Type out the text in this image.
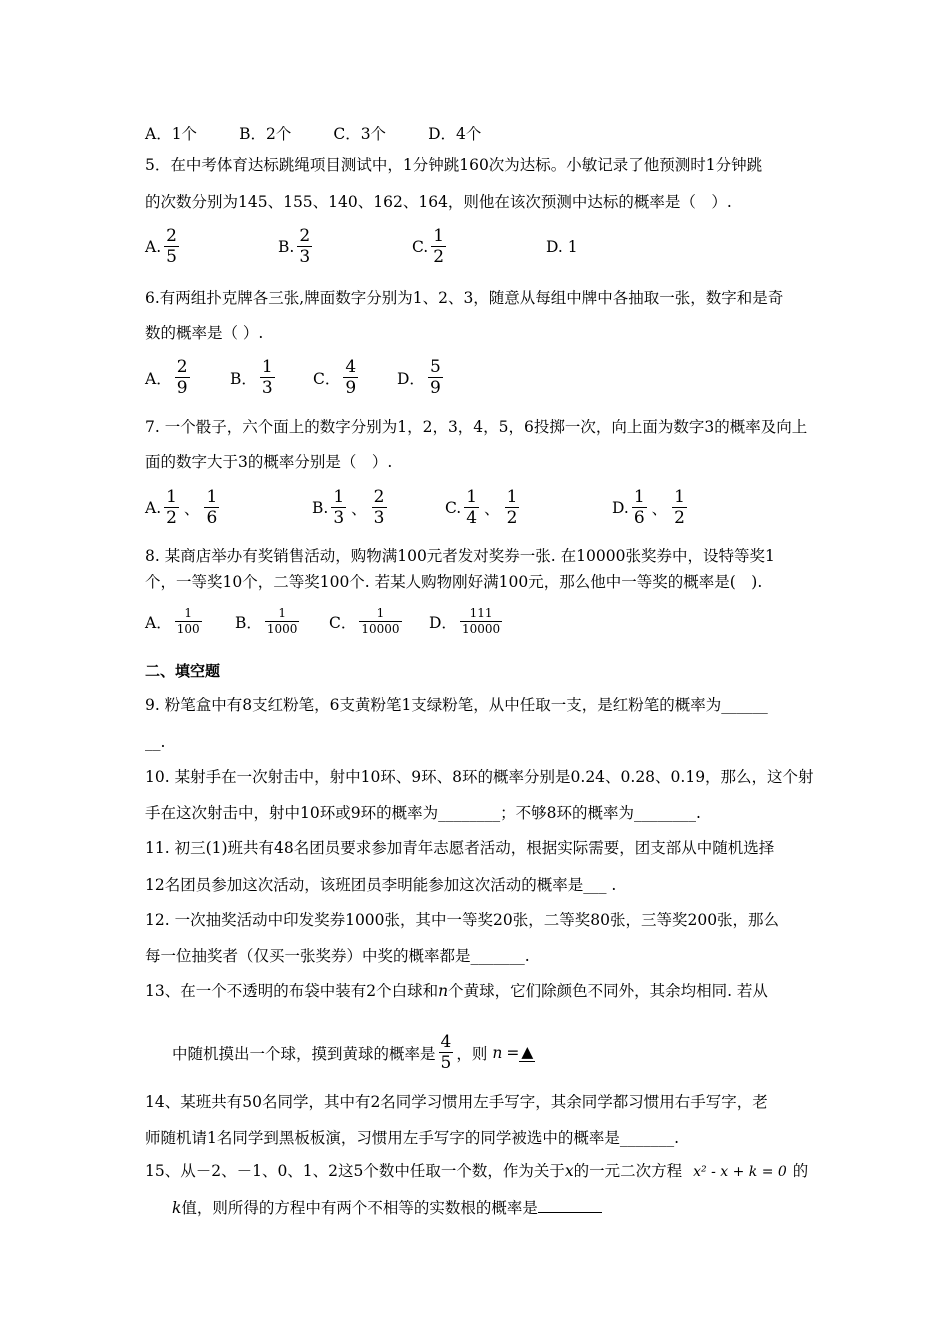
A．1个	B．2个	C．3个	D．4个
5．在中考体育达标跳绳项目测试中，1分钟跳160次为达标。小敏记录了他预测时1分钟跳
的次数分别为145、155、140、162、164，则他在该次预测中达标的概率是（　）.
A. $\frac{2}{5}$	B. $\frac{2}{3}$	C. $\frac{1}{2}$	D. 1
6.有两组扑克牌各三张,牌面数字分别为1、2、3，随意从每组中牌中各抽取一张，数字和是奇
数的概率是（ ）.
A． $\frac{2}{9}$	B． $\frac{1}{3}$ C． $\frac{4}{9}$	D． $\frac{5}{9}$
7. 一个骰子，六个面上的数字分别为1，2，3，4，5，6投掷一次，向上面为数字3的概率及向上
面的数字大于3的概率分别是（　）.
A. $\frac{1}{2}$ 、 $\frac{1}{6}$	B. $\frac{1}{3}$ 、 $\frac{2}{3}$	C. $\frac{1}{4}$ 、 $\frac{1}{2}$	D. $\frac{1}{6}$ 、 $\frac{1}{2}$
8. 某商店举办有奖销售活动，购物满100元者发对奖券一张. 在10000张奖券中，设特等奖1
个，一等奖10个，二等奖100个. 若某人购物刚好满100元，那么他中一等奖的概率是(　).
A． $\frac{1}{100}$ B． $\frac{1}{1000}$ C． $\frac{1}{10000}$ D． $\frac{111}{10000}$
二、填空题
9. 粉笔盒中有8支红粉笔，6支黄粉笔1支绿粉笔，从中任取一支，是红粉笔的概率为______
__.
10. 某射手在一次射击中，射中10环、9环、8环的概率分别是0.24、0.28、0.19，那么，这个射
手在这次射击中，射中10环或9环的概率为________；不够8环的概率为________.
11. 初三(1)班共有48名团员要求参加青年志愿者活动，根据实际需要，团支部从中随机选择
12名团员参加这次活动，该班团员李明能参加这次活动的概率是___ .
12. 一次抽奖活动中印发奖券1000张，其中一等奖20张，二等奖80张，三等奖200张，那么
每一位抽奖者（仅买一张奖券）中奖的概率都是_______.
13、在一个不透明的布袋中装有2个白球和n个黄球，它们除颜色不同外，其余均相同. 若从
中随机摸出一个球，摸到黄球的概率是 $\frac{4}{5}$ ，则 n = ▲
14、某班共有50名同学，其中有2名同学习惯用左手写字，其余同学都习惯用右手写字，老
师随机请1名同学到黑板板演，习惯用左手写字的同学被选中的概率是_______.
15、从－2、－1、0、1、2这5个数中任取一个数，作为关于x的一元二次方程 x² - x + k = 0 的
k值，则所得的方程中有两个不相等的实数根的概率是
